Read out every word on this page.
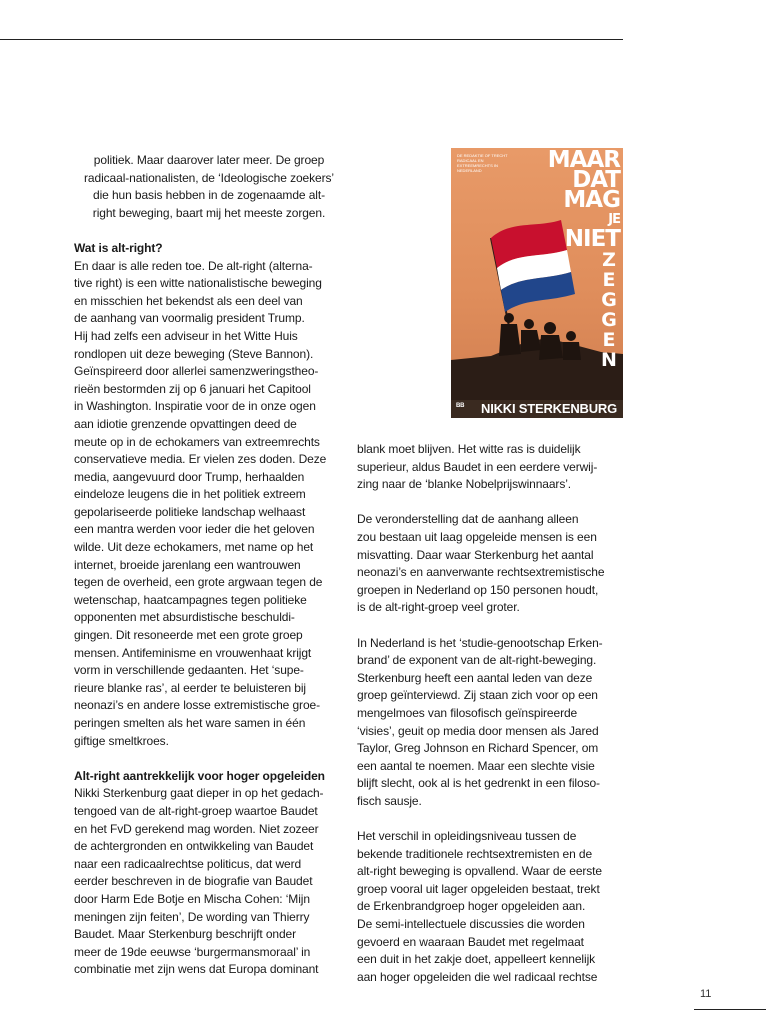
politiek. Maar daarover later meer. De groep
radicaal-nationalisten, de ‘Ideologische zoekers’
die hun basis hebben in de zogenaamde alt-
right beweging, baart mij het meeste zorgen.

Wat is alt-right?

En daar is alle reden toe. De alt-right (alterna-
tive right) is een witte nationalistische beweging
en misschien het bekendst als een deel van
de aanhang van voormalig president Trump.
Hij had zelfs een adviseur in het Witte Huis
rondlopen uit deze beweging (Steve Bannon).
Geïnspireerd door allerlei samenzweringstheo-
rieën bestormden zij op 6 januari het Capitool
in Washington. Inspiratie voor de in onze ogen
aan idiotie grenzende opvattingen deed de
meute op in de echokamers van extreemrechts
conservatieve media. Er vielen zes doden. Deze
media, aangevuurd door Trump, herhaalden
eindeloze leugens die in het politiek extreem
gepolariseerde politieke landschap welhaast
een mantra werden voor ieder die het geloven
wilde. Uit deze echokamers, met name op het
internet, broeide jarenlang een wantrouwen
tegen de overheid, een grote argwaan tegen de
wetenschap, haatcampagnes tegen politieke
opponenten met absurdistische beschuldi-
gingen. Dit resoneerde met een grote groep
mensen. Antifeminisme en vrouwenhaat krijgt
vorm in verschillende gedaanten. Het ‘supe-
rieure blanke ras’, al eerder te beluisteren bij
neonazi’s en andere losse extremistische groe-
peringen smelten als het ware samen in één
giftige smeltkroes.

Alt-right aantrekkelijk voor hoger opgeleiden

Nikki Sterkenburg gaat dieper in op het gedach-
tengoed van de alt-right-groep waartoe Baudet
en het FvD gerekend mag worden. Niet zozeer
de achtergronden en ontwikkeling van Baudet
naar een radicaalrechtse politicus, dat werd
eerder beschreven in de biografie van Baudet
door Harm Ede Botje en Mischa Cohen: ‘Mijn
meningen zijn feiten’, De wording van Thierry
Baudet. Maar Sterkenburg beschrijft onder
meer de 19de eeuwse ‘burgermansmoraal’ in
combinatie met zijn wens dat Europa dominant

DE REDAKTIE OF TRECHT RADICAAL EN EXTREEMRECHTS IN NEDERLAND	MAAR
DAT
MAG
JE
NIET
ZEGGEN
BB NIKKI STERKENBURG

blank moet blijven. Het witte ras is duidelijk
superieur, aldus Baudet in een eerdere verwij-
zing naar de ‘blanke Nobelprijswinnaars’.

De veronderstelling dat de aanhang alleen
zou bestaan uit laag opgeleide mensen is een
misvatting. Daar waar Sterkenburg het aantal
neonazi’s en aanverwante rechtsextremistische
groepen in Nederland op 150 personen houdt,
is de alt-right-groep veel groter.

In Nederland is het ‘studie-genootschap Erken-
brand’ de exponent van de alt-right-beweging.
Sterkenburg heeft een aantal leden van deze
groep geïnterviewd. Zij staan zich voor op een
mengelmoes van filosofisch geïnspireerde
‘visies’, geuit op media door mensen als Jared
Taylor, Greg Johnson en Richard Spencer, om
een aantal te noemen. Maar een slechte visie
blijft slecht, ook al is het gedrenkt in een filoso-
fisch sausje.

Het verschil in opleidingsniveau tussen de
bekende traditionele rechtsextremisten en de
alt-right beweging is opvallend. Waar de eerste
groep vooral uit lager opgeleiden bestaat, trekt
de Erkenbrandgroep hoger opgeleiden aan.
De semi-intellectuele discussies die worden
gevoerd en waaraan Baudet met regelmaat
een duit in het zakje doet, appelleert kennelijk
aan hoger opgeleiden die wel radicaal rechtse

11
